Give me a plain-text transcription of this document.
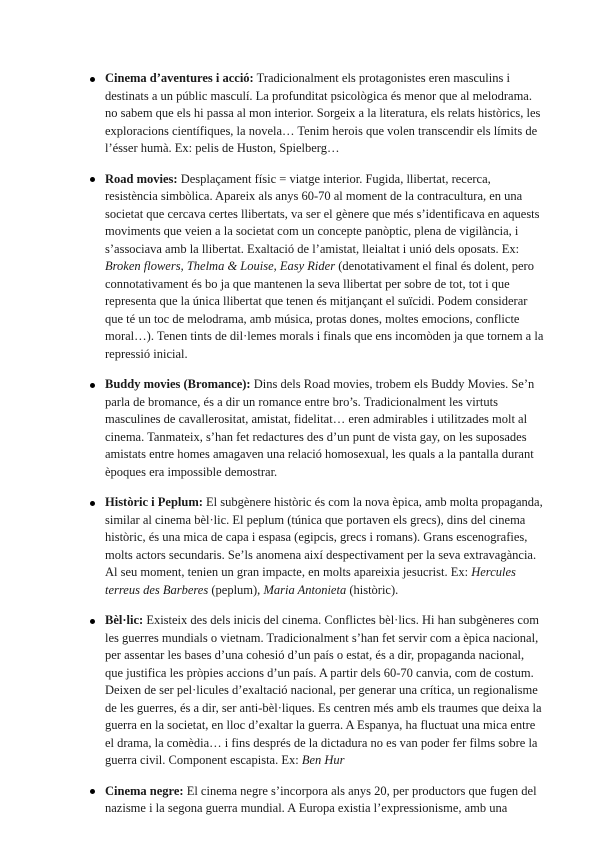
Cinema d’aventures i acció: Tradicionalment els protagonistes eren masculins i destinats a un públic masculí. La profunditat psicològica és menor que al melodrama. no sabem que els hi passa al mon interior. Sorgeix a la literatura, els relats històrics, les exploracions científiques, la novela… Tenim herois que volen transcendir els límits de l’ésser humà. Ex: pelis de Huston, Spielberg…
Road movies: Desplaçament físic = viatge interior. Fugida, llibertat, recerca, resistència simbòlica. Apareix als anys 60-70 al moment de la contracultura, en una societat que cercava certes llibertats, va ser el gènere que més s’identificava en aquests moviments que veien a la societat com un concepte panòptic, plena de vigilància, i s’associava amb la llibertat. Exaltació de l’amistat, lleialtat i unió dels oposats. Ex: Broken flowers, Thelma & Louise, Easy Rider (denotativament el final és dolent, pero connotativament és bo ja que mantenen la seva llibertat per sobre de tot, tot i que representa que la única llibertat que tenen és mitjançant el suïcidi. Podem considerar que té un toc de melodrama, amb música, protas dones, moltes emocions, conflicte moral…). Tenen tints de dil·lemes morals i finals que ens incomòden ja que tornem a la repressió inicial.
Buddy movies (Bromance): Dins dels Road movies, trobem els Buddy Movies. Se’n parla de bromance, és a dir un romance entre bro’s. Tradicionalment les virtuts masculines de cavallerositat, amistat, fidelitat… eren admirables i utilitzades molt al cinema. Tanmateix, s’han fet redactures des d’un punt de vista gay, on les suposades amistats entre homes amagaven una relació homosexual, les quals a la pantalla durant èpoques era impossible demostrar.
Històric i Peplum: El subgènere històric és com la nova èpica, amb molta propaganda, similar al cinema bèl·lic. El peplum (túnica que portaven els grecs), dins del cinema històric, és una mica de capa i espasa (egipcis, grecs i romans). Grans escenografies, molts actors secundaris. Se’ls anomena així despectivament per la seva extravagància. Al seu moment, tenien un gran impacte, en molts apareixia jesucrist. Ex: Hercules terreus des Barberes (peplum), Maria Antonieta (històric).
Bèl·lic: Existeix des dels inicis del cinema. Conflictes bèl·lics. Hi han subgèneres com les guerres mundials o vietnam. Tradicionalment s’han fet servir com a èpica nacional, per assentar les bases d’una cohesió d’un país o estat, és a dir, propaganda nacional, que justifica les pròpies accions d’un país. A partir dels 60-70 canvia, com de costum. Deixen de ser pel·licules d’exaltació nacional, per generar una crítica, un regionalisme de les guerres, és a dir, ser anti-bèl·liques. Es centren més amb els traumes que deixa la guerra en la societat, en lloc d’exaltar la guerra. A Espanya, ha fluctuat una mica entre el drama, la comèdia… i fins després de la dictadura no es van poder fer films sobre la guerra civil. Component escapista. Ex: Ben Hur
Cinema negre: El cinema negre s’incorpora als anys 20, per productors que fugen del nazisme i la segona guerra mundial. A Europa existia l’expressionisme, amb una
